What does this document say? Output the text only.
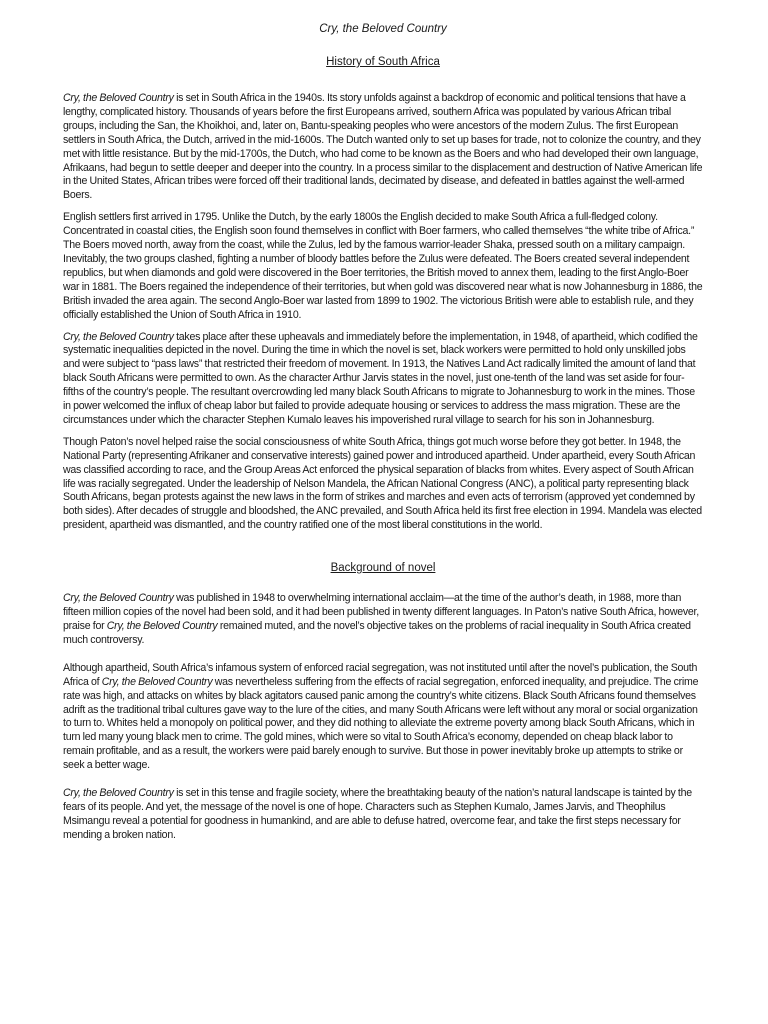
Cry, the Beloved Country
History of South Africa

Cry, the Beloved Country is set in South Africa in the 1940s. Its story unfolds against a backdrop of economic and political tensions that have a lengthy, complicated history. Thousands of years before the first Europeans arrived, southern Africa was populated by various African tribal groups, including the San, the Khoikhoi, and, later on, Bantu-speaking peoples who were ancestors of the modern Zulus. The first European settlers in South Africa, the Dutch, arrived in the mid-1600s. The Dutch wanted only to set up bases for trade, not to colonize the country, and they met with little resistance. But by the mid-1700s, the Dutch, who had come to be known as the Boers and who had developed their own language, Afrikaans, had begun to settle deeper and deeper into the country. In a process similar to the displacement and destruction of Native American life in the United States, African tribes were forced off their traditional lands, decimated by disease, and defeated in battles against the well-armed Boers.

English settlers first arrived in 1795. Unlike the Dutch, by the early 1800s the English decided to make South Africa a full-fledged colony. Concentrated in coastal cities, the English soon found themselves in conflict with Boer farmers, who called themselves “the white tribe of Africa.” The Boers moved north, away from the coast, while the Zulus, led by the famous warrior-leader Shaka, pressed south on a military campaign. Inevitably, the two groups clashed, fighting a number of bloody battles before the Zulus were defeated. The Boers created several independent republics, but when diamonds and gold were discovered in the Boer territories, the British moved to annex them, leading to the first Anglo-Boer war in 1881. The Boers regained the independence of their territories, but when gold was discovered near what is now Johannesburg in 1886, the British invaded the area again. The second Anglo-Boer war lasted from 1899 to 1902. The victorious British were able to establish rule, and they officially established the Union of South Africa in 1910.

Cry, the Beloved Country takes place after these upheavals and immediately before the implementation, in 1948, of apartheid, which codified the systematic inequalities depicted in the novel. During the time in which the novel is set, black workers were permitted to hold only unskilled jobs and were subject to “pass laws” that restricted their freedom of movement. In 1913, the Natives Land Act radically limited the amount of land that black South Africans were permitted to own. As the character Arthur Jarvis states in the novel, just one-tenth of the land was set aside for four-fifths of the country’s people. The resultant overcrowding led many black South Africans to migrate to Johannesburg to work in the mines. Those in power welcomed the influx of cheap labor but failed to provide adequate housing or services to address the mass migration. These are the circumstances under which the character Stephen Kumalo leaves his impoverished rural village to search for his son in Johannesburg.

Though Paton’s novel helped raise the social consciousness of white South Africa, things got much worse before they got better. In 1948, the National Party (representing Afrikaner and conservative interests) gained power and introduced apartheid. Under apartheid, every South African was classified according to race, and the Group Areas Act enforced the physical separation of blacks from whites. Every aspect of South African life was racially segregated. Under the leadership of Nelson Mandela, the African National Congress (ANC), a political party representing black South Africans, began protests against the new laws in the form of strikes and marches and even acts of terrorism (approved yet condemned by both sides). After decades of struggle and bloodshed, the ANC prevailed, and South Africa held its first free election in 1994. Mandela was elected president, apartheid was dismantled, and the country ratified one of the most liberal constitutions in the world.

Background of novel

Cry, the Beloved Country was published in 1948 to overwhelming international acclaim—at the time of the author’s death, in 1988, more than fifteen million copies of the novel had been sold, and it had been published in twenty different languages. In Paton’s native South Africa, however, praise for Cry, the Beloved Country remained muted, and the novel’s objective takes on the problems of racial inequality in South Africa created much controversy.

Although apartheid, South Africa’s infamous system of enforced racial segregation, was not instituted until after the novel’s publication, the South Africa of Cry, the Beloved Country was nevertheless suffering from the effects of racial segregation, enforced inequality, and prejudice. The crime rate was high, and attacks on whites by black agitators caused panic among the country’s white citizens. Black South Africans found themselves adrift as the traditional tribal cultures gave way to the lure of the cities, and many South Africans were left without any moral or social organization to turn to. Whites held a monopoly on political power, and they did nothing to alleviate the extreme poverty among black South Africans, which in turn led many young black men to crime. The gold mines, which were so vital to South Africa’s economy, depended on cheap black labor to remain profitable, and as a result, the workers were paid barely enough to survive. But those in power inevitably broke up attempts to strike or seek a better wage.

Cry, the Beloved Country is set in this tense and fragile society, where the breathtaking beauty of the nation’s natural landscape is tainted by the fears of its people. And yet, the message of the novel is one of hope. Characters such as Stephen Kumalo, James Jarvis, and Theophilus Msimangu reveal a potential for goodness in humankind, and are able to defuse hatred, overcome fear, and take the first steps necessary for mending a broken nation.
